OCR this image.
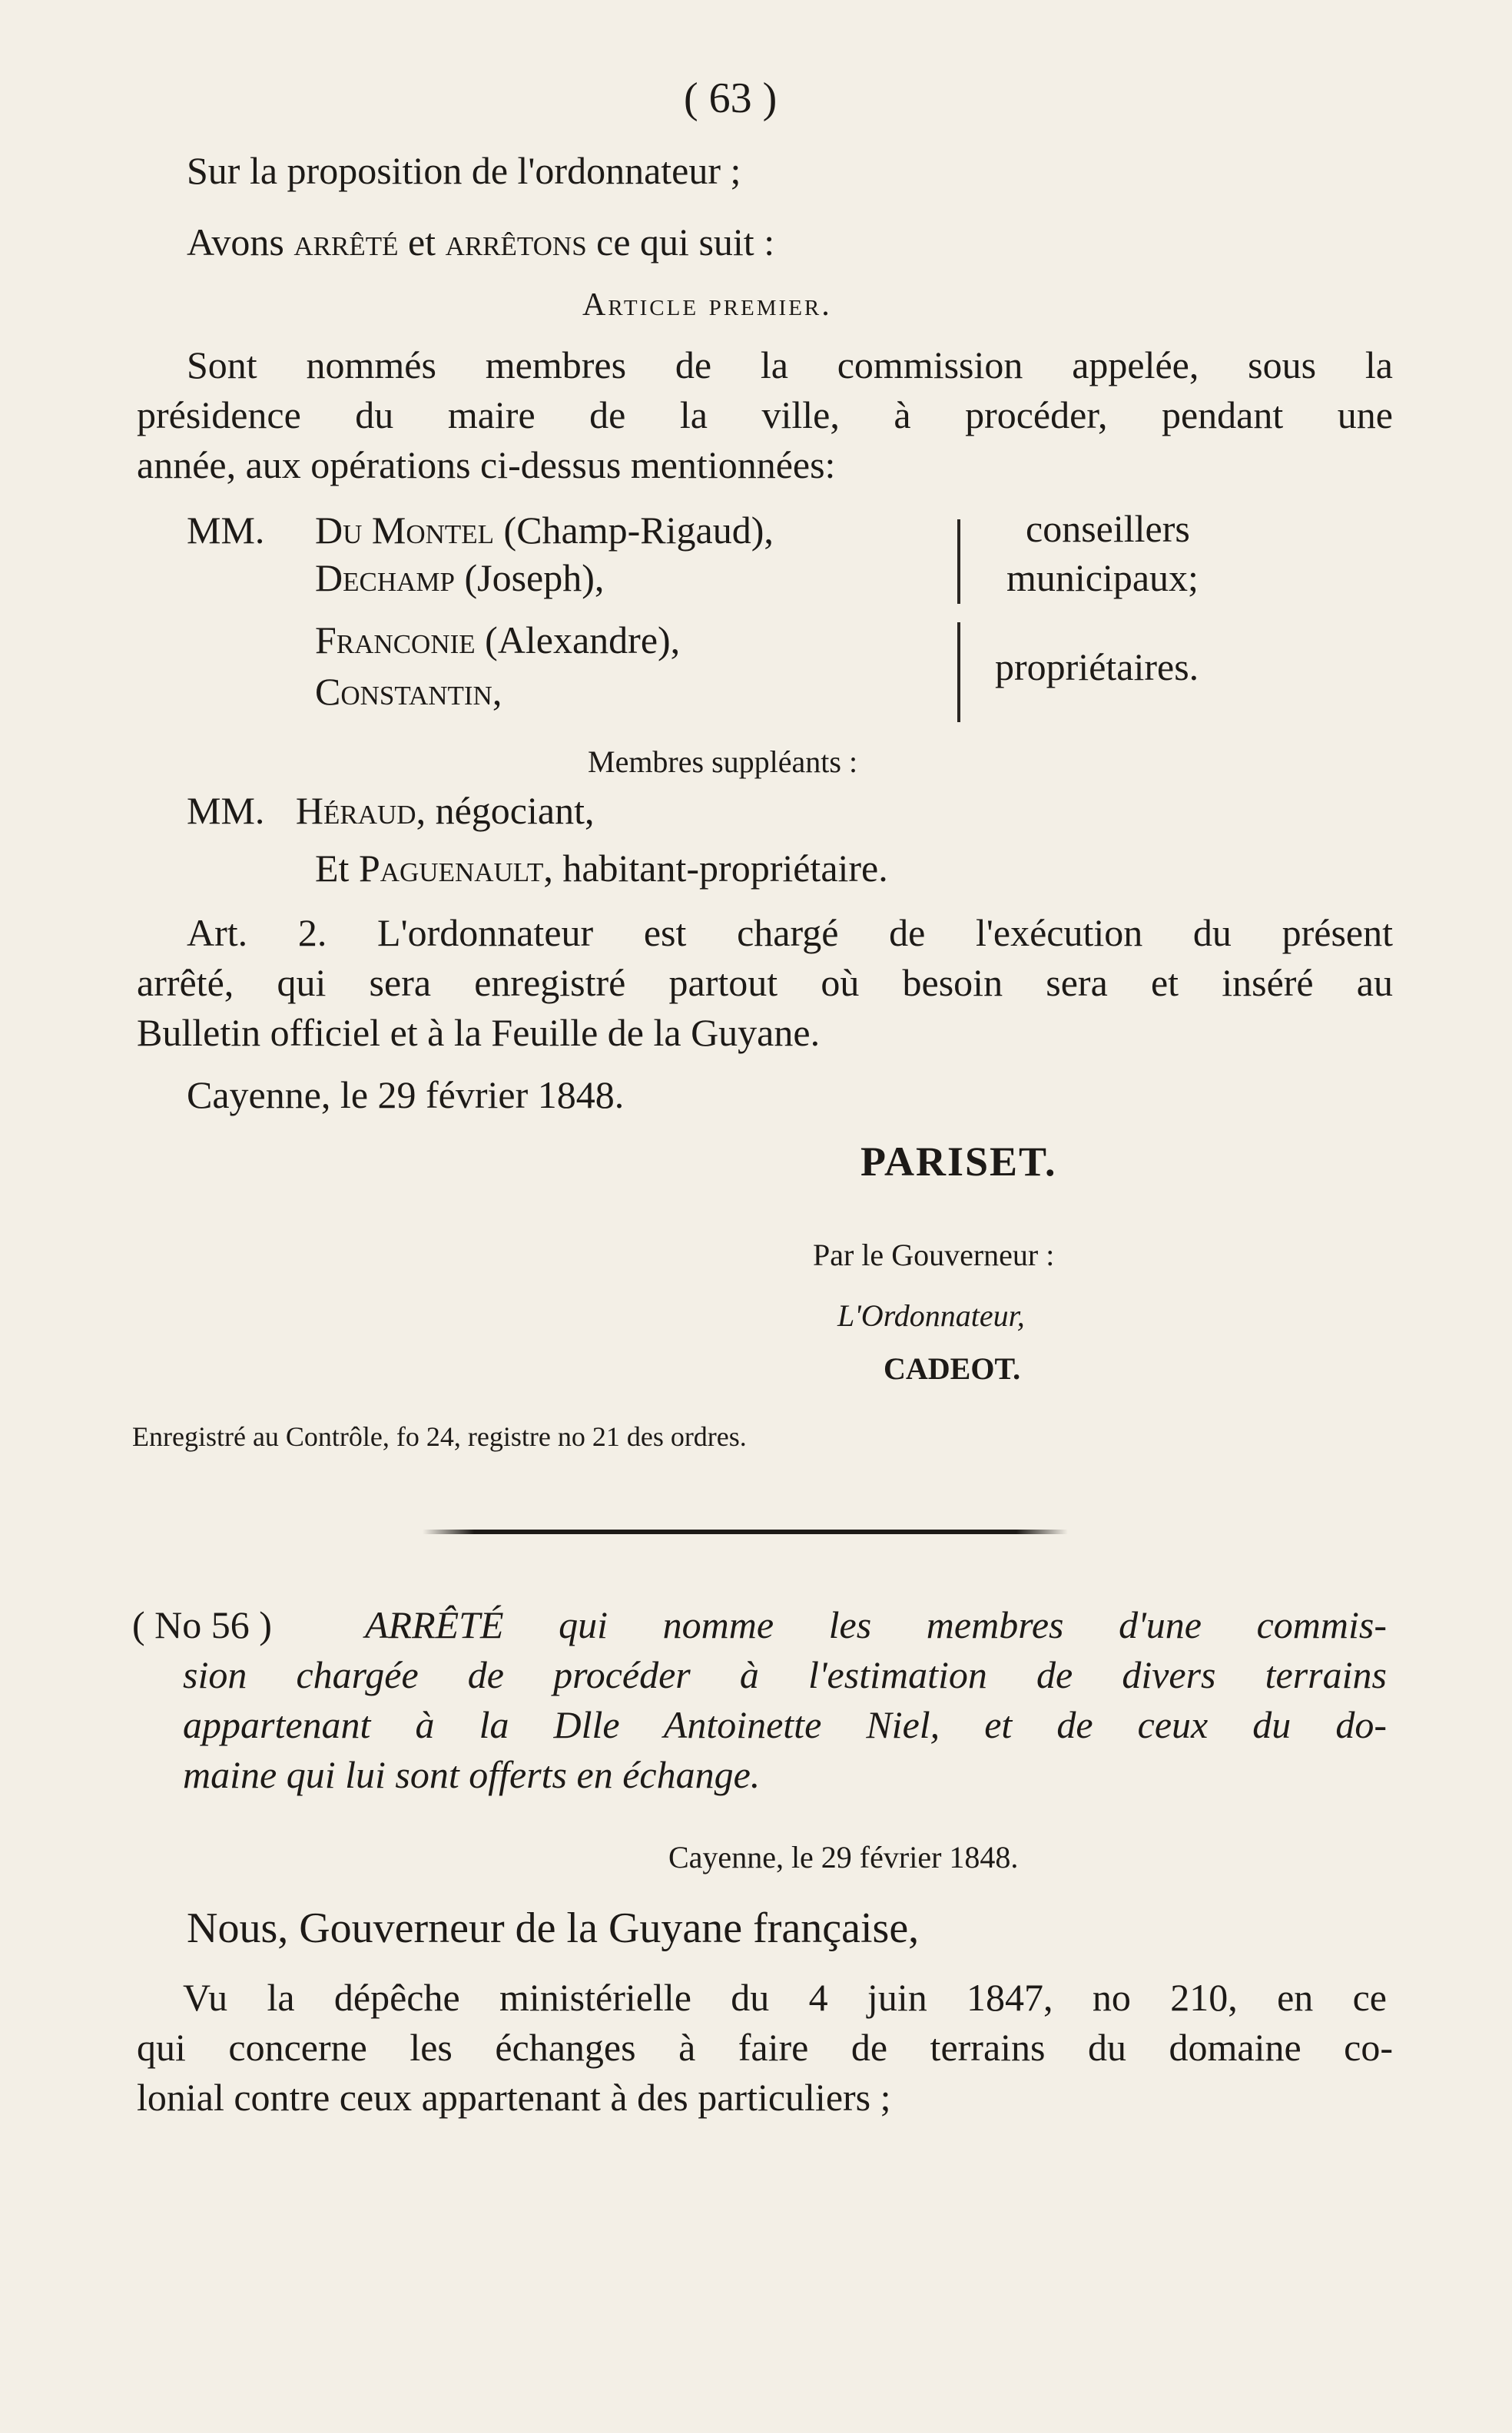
( 63 )
Sur la proposition de l'ordonnateur ;
Avons arrêté et arrêtons ce qui suit :
Article premier.
Sont nommés membres de la commission appelée, sous la
présidence du maire de la ville, à procéder, pendant une
année, aux opérations ci-dessus mentionnées:
MM. Du Montel (Champ-Rigaud),
Dechamp (Joseph),
conseillers
municipaux;
Franconie (Alexandre),
Constantin,
propriétaires.
Membres suppléants :
MM. Héraud, négociant,
Et Paguenault, habitant-propriétaire.
Art. 2. L'ordonnateur est chargé de l'exécution du présent
arrêté, qui sera enregistré partout où besoin sera et inséré au
Bulletin officiel et à la Feuille de la Guyane.
Cayenne, le 29 février 1848.
PARISET.
Par le Gouverneur :
L'Ordonnateur,
CADEOT.
Enregistré au Contrôle, fo 24, registre no 21 des ordres.
( No 56 ) ARRÊTÉ qui nomme les membres d'une commis-
sion chargée de procéder à l'estimation de divers terrains
appartenant à la Dlle Antoinette Niel, et de ceux du do-
maine qui lui sont offerts en échange.
Cayenne, le 29 février 1848.
Nous, Gouverneur de la Guyane française,
Vu la dépêche ministérielle du 4 juin 1847, no 210, en ce
qui concerne les échanges à faire de terrains du domaine co-
lonial contre ceux appartenant à des particuliers ;
